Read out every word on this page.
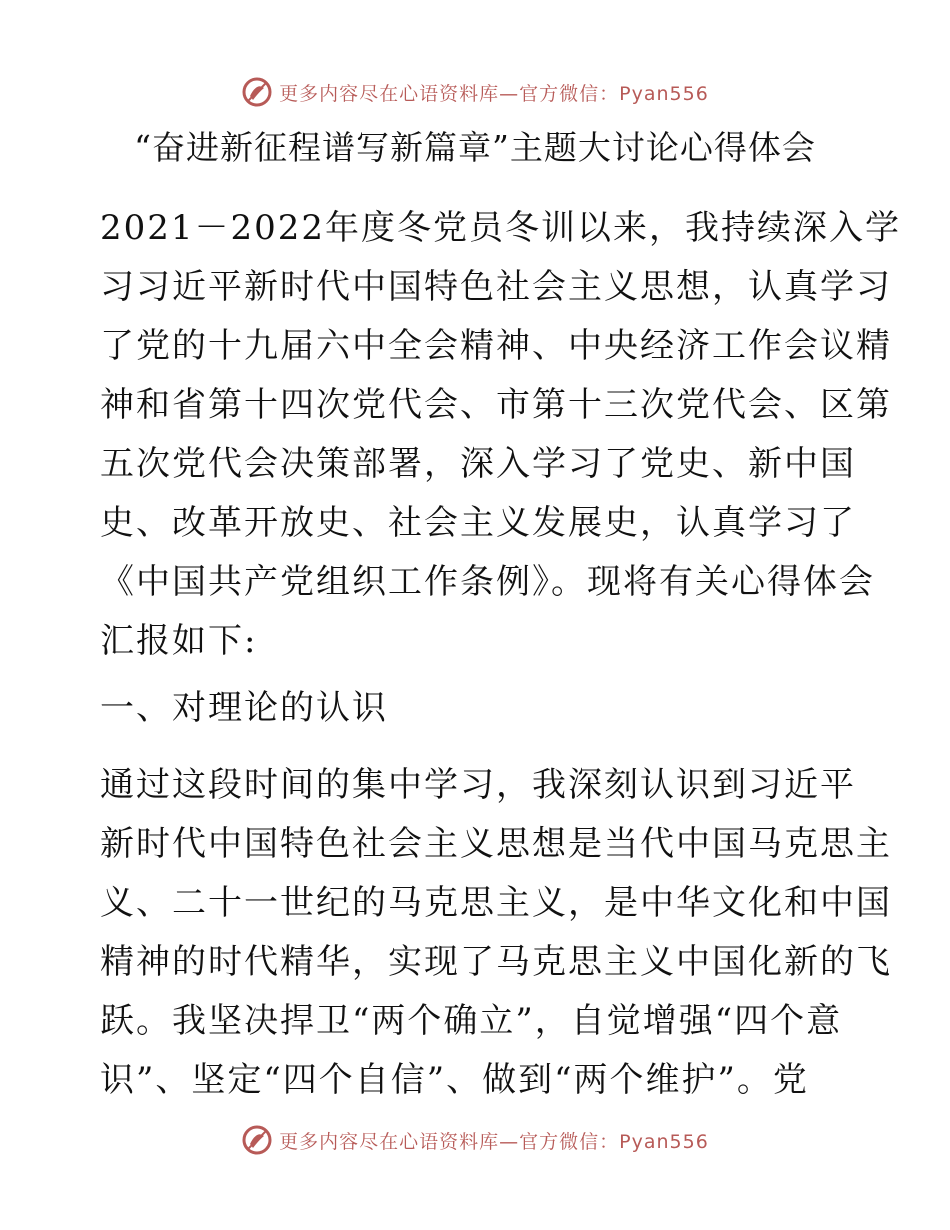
更多内容尽在心语资料库—官方微信：Pyan556
“奋进新征程谱写新篇章”主题大讨论心得体会
2021－2022年度冬党员冬训以来，我持续深入学
习习近平新时代中国特色社会主义思想，认真学习
了党的十九届六中全会精神、中央经济工作会议精
神和省第十四次党代会、市第十三次党代会、区第
五次党代会决策部署，深入学习了党史、新中国
史、改革开放史、社会主义发展史，认真学习了
《中国共产党组织工作条例》。现将有关心得体会
汇报如下:
一、对理论的认识
通过这段时间的集中学习，我深刻认识到习近平
新时代中国特色社会主义思想是当代中国马克思主
义、二十一世纪的马克思主义，是中华文化和中国
精神的时代精华，实现了马克思主义中国化新的飞
跃。我坚决捍卫“两个确立”，自觉增强“四个意
识”、坚定“四个自信”、做到“两个维护”。党
更多内容尽在心语资料库—官方微信：Pyan556
